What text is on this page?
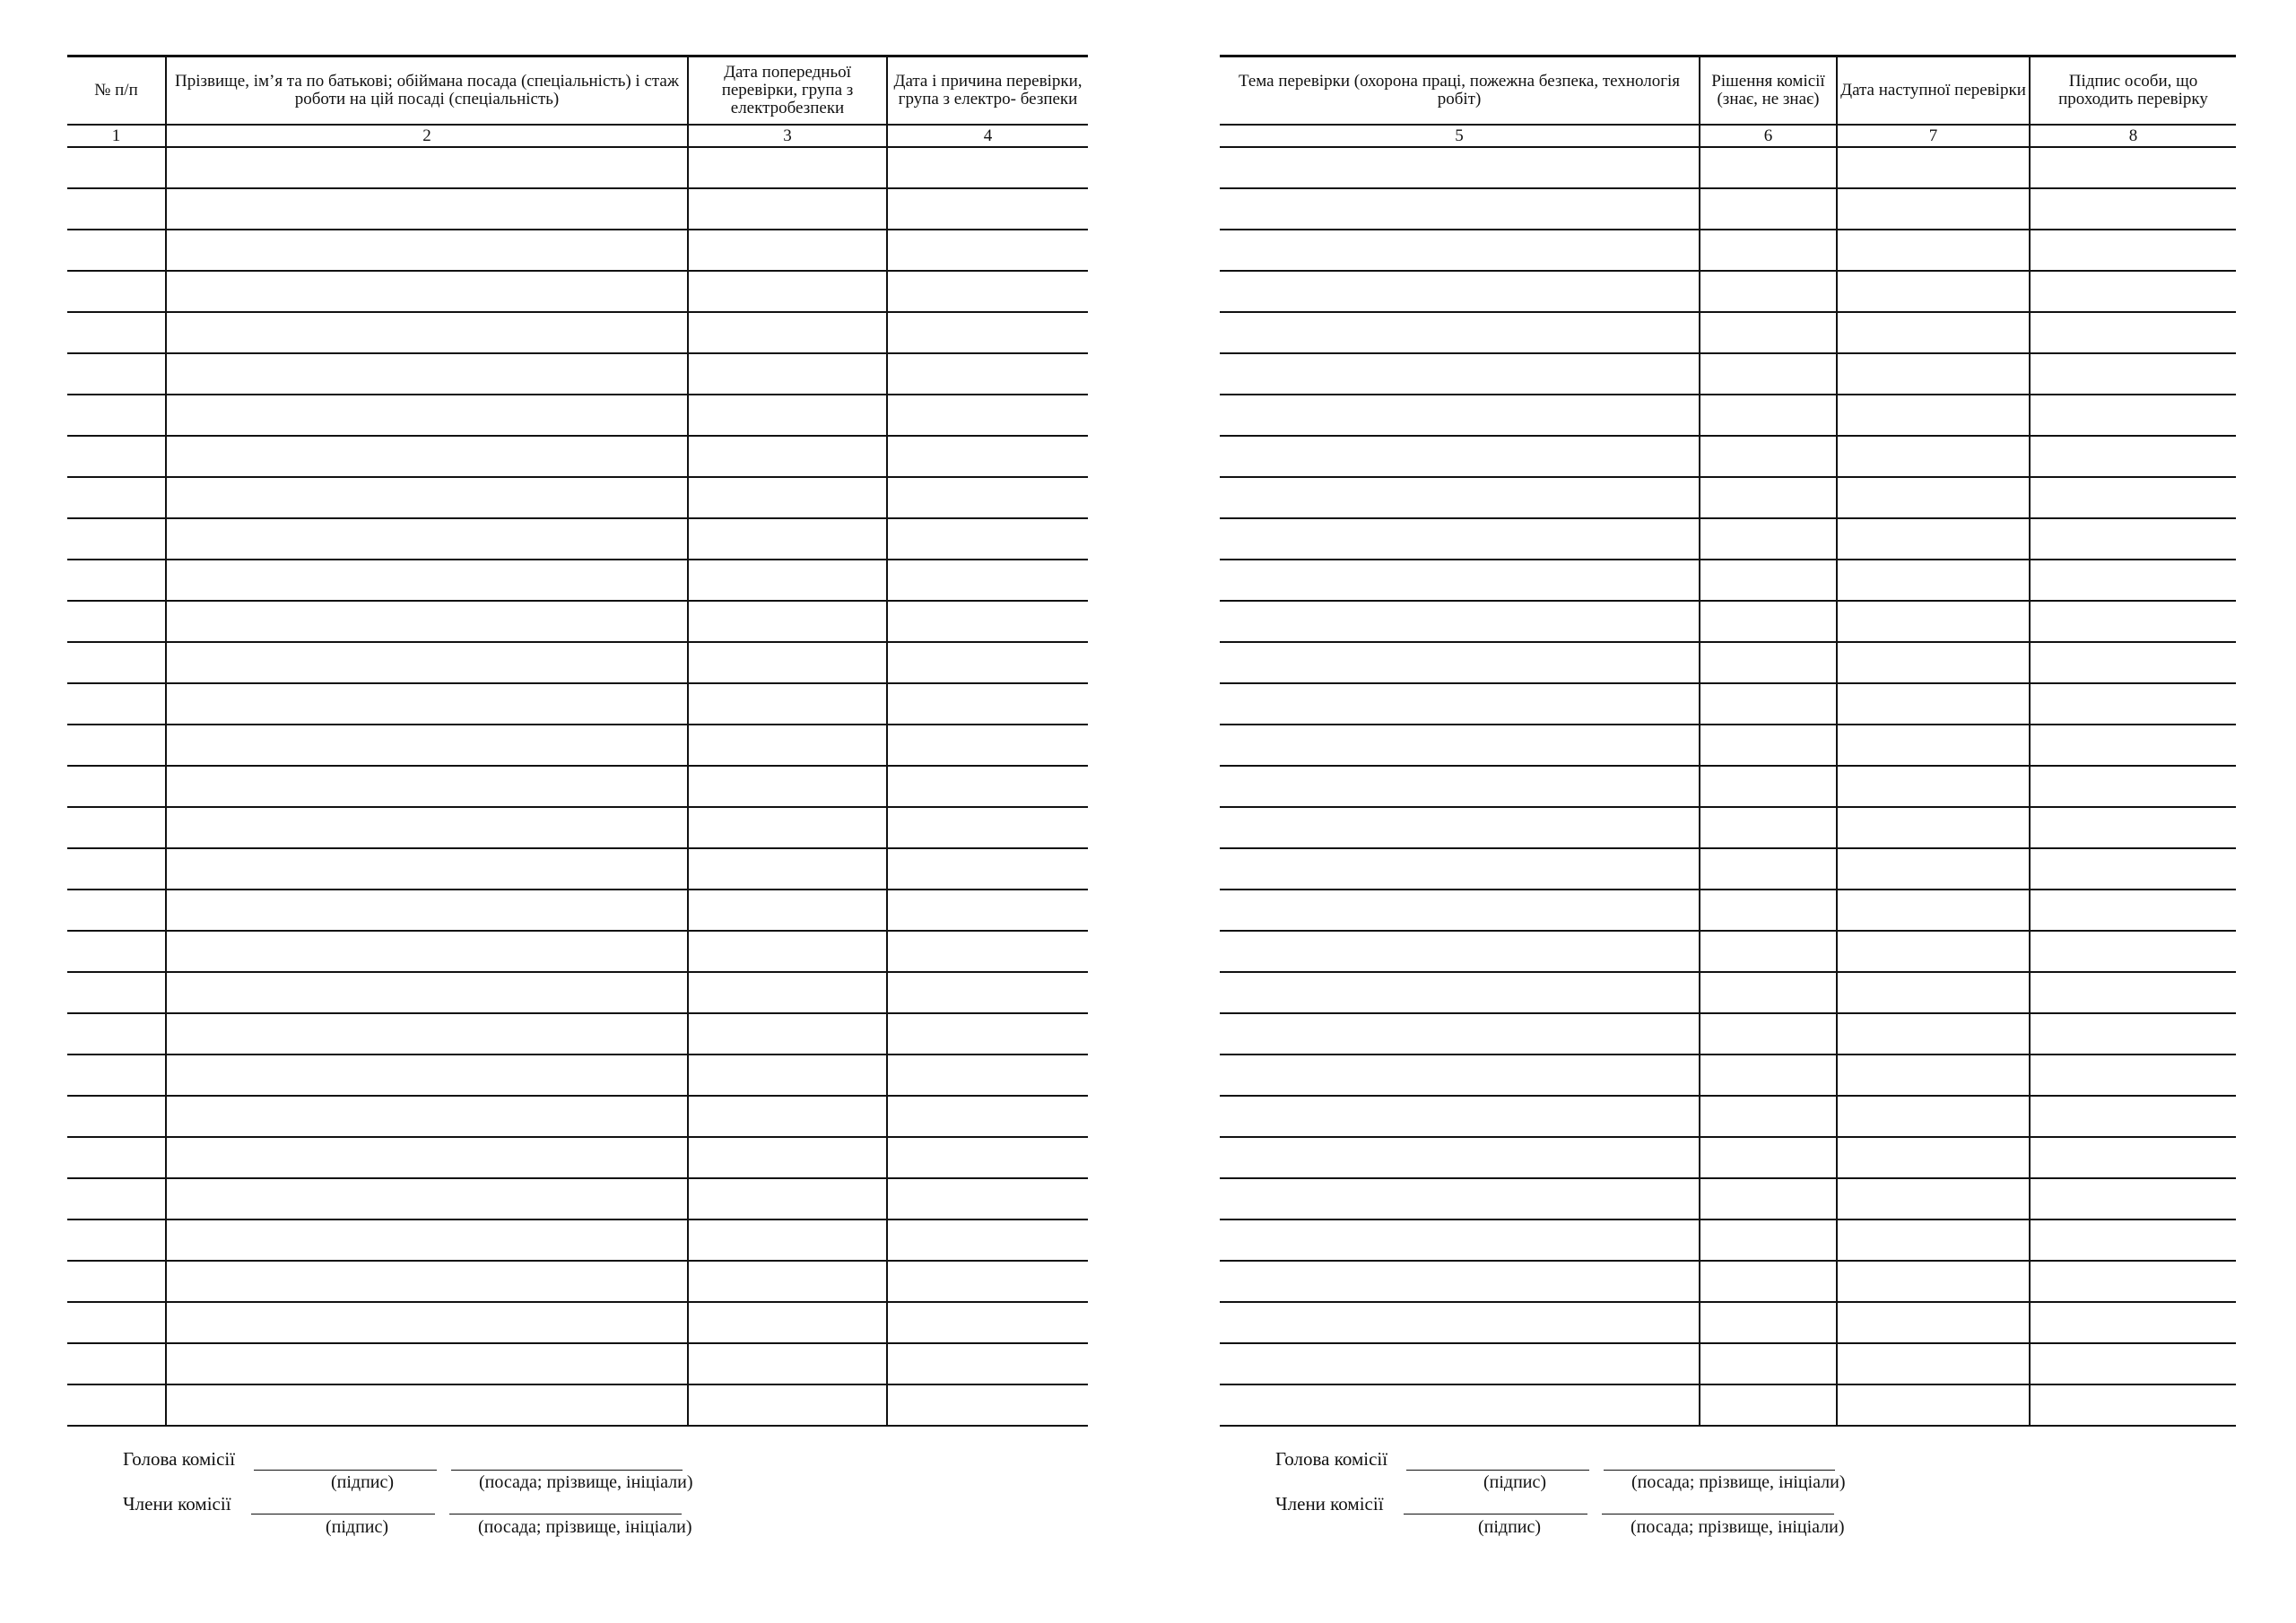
№ п/п	Прізвище, ім’я та по батькові; обіймана посада (спеціальність) і стаж роботи на цій посаді (спеціальність)	Дата попередньої перевірки, група з електробезпеки	Дата і причина перевірки, група з електро- безпеки
1	2	3	4

Голова комісії
(підпис)	(посада; прізвище, ініціали)
Члени комісії
(підпис)	(посада; прізвище, ініціали)
Тема перевірки (охорона праці, пожежна безпека, технологія робіт)	Рішення комісії (знає, не знає)	Дата наступної перевірки	Підпис особи, що проходить перевірку
5	6	7	8

Голова комісії
(підпис)	(посада; прізвище, ініціали)
Члени комісії
(підпис)	(посада; прізвище, ініціали)
